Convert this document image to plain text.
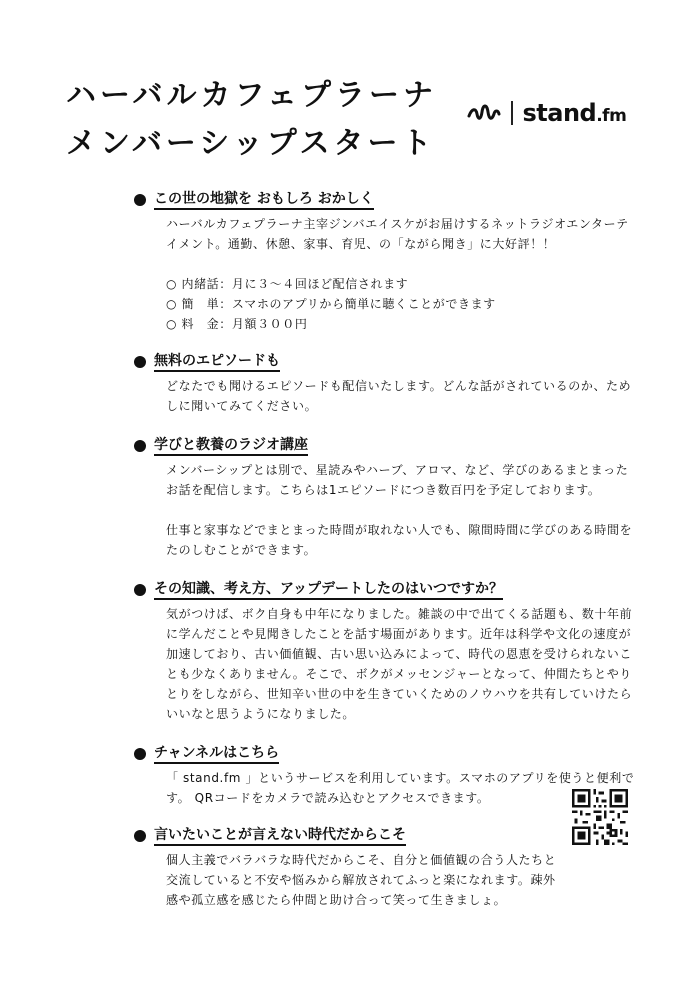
ハーバルカフェプラーナ
メンバーシップスタート
stand.fm
この世の地獄を おもしろ おかしく
ハーバルカフェプラーナ主宰ジンバエイスケがお届けするネットラジオエンターテイメント。通勤、休憩、家事、育児、の「ながら聞き」に大好評！！
○ 内緒話：月に３～４回ほど配信されます
○ 簡　単：スマホのアプリから簡単に聴くことができます
○ 料　金：月額３００円
無料のエピソードも
どなたでも聞けるエピソードも配信いたします。どんな話がされているのか、ためしに聞いてみてください。
学びと教養のラジオ講座
メンバーシップとは別で、星読みやハーブ、アロマ、など、学びのあるまとまったお話を配信します。こちらは1エピソードにつき数百円を予定しております。
仕事と家事などでまとまった時間が取れない人でも、隙間時間に学びのある時間をたのしむことができます。
その知識、考え方、アップデートしたのはいつですか？
気がつけば、ボク自身も中年になりました。雑談の中で出てくる話題も、数十年前に学んだことや見聞きしたことを話す場面があります。近年は科学や文化の速度が加速しており、古い価値観、古い思い込みによって、時代の恩恵を受けられないことも少なくありません。そこで、ボクがメッセンジャーとなって、仲間たちとやりとりをしながら、世知辛い世の中を生きていくためのノウハウを共有していけたらいいなと思うようになりました。
チャンネルはこちら
「 stand.fm 」というサービスを利用しています。スマホのアプリを使うと便利です。 QRコードをカメラで読み込むとアクセスできます。
言いたいことが言えない時代だからこそ
個人主義でバラバラな時代だからこそ、自分と価値観の合う人たちと交流していると不安や悩みから解放されてふっと楽になれます。疎外感や孤立感を感じたら仲間と助け合って笑って生きましょ。
